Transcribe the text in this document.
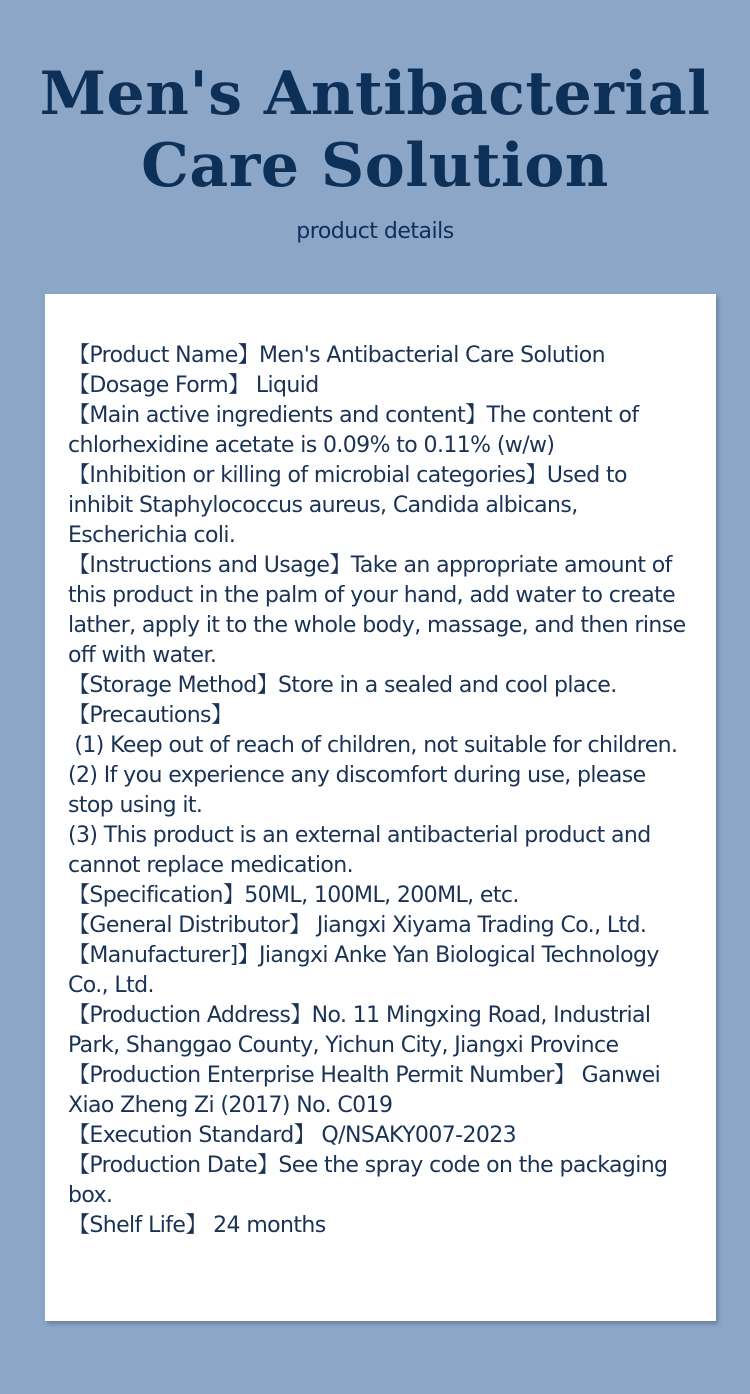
Men's Antibacterial Care Solution
product details

【Product Name】Men's Antibacterial Care Solution

【Dosage Form】 Liquid

【Main active ingredients and content】The content of chlorhexidine acetate is 0.09% to 0.11% (w/w)

【Inhibition or killing of microbial categories】Used to inhibit Staphylococcus aureus, Candida albicans, Escherichia coli.

【Instructions and Usage】Take an appropriate amount of this product in the palm of your hand, add water to create lather, apply it to the whole body, massage, and then rinse off with water.

【Storage Method】Store in a sealed and cool place.

【Precautions】

(1) Keep out of reach of children, not suitable for children.

(2) If you experience any discomfort during use, please stop using it.

(3) This product is an external antibacterial product and cannot replace medication.

【Specification】50ML, 100ML, 200ML, etc.

【General Distributor】 Jiangxi Xiyama Trading Co., Ltd.

【Manufacturer]】Jiangxi Anke Yan Biological Technology Co., Ltd.

【Production Address】No. 11 Mingxing Road, Industrial Park, Shanggao County, Yichun City, Jiangxi Province

【Production Enterprise Health Permit Number】 Ganwei Xiao Zheng Zi (2017) No. C019

【Execution Standard】 Q/NSAKY007-2023

【Production Date】See the spray code on the packaging box.

【Shelf Life】 24 months
